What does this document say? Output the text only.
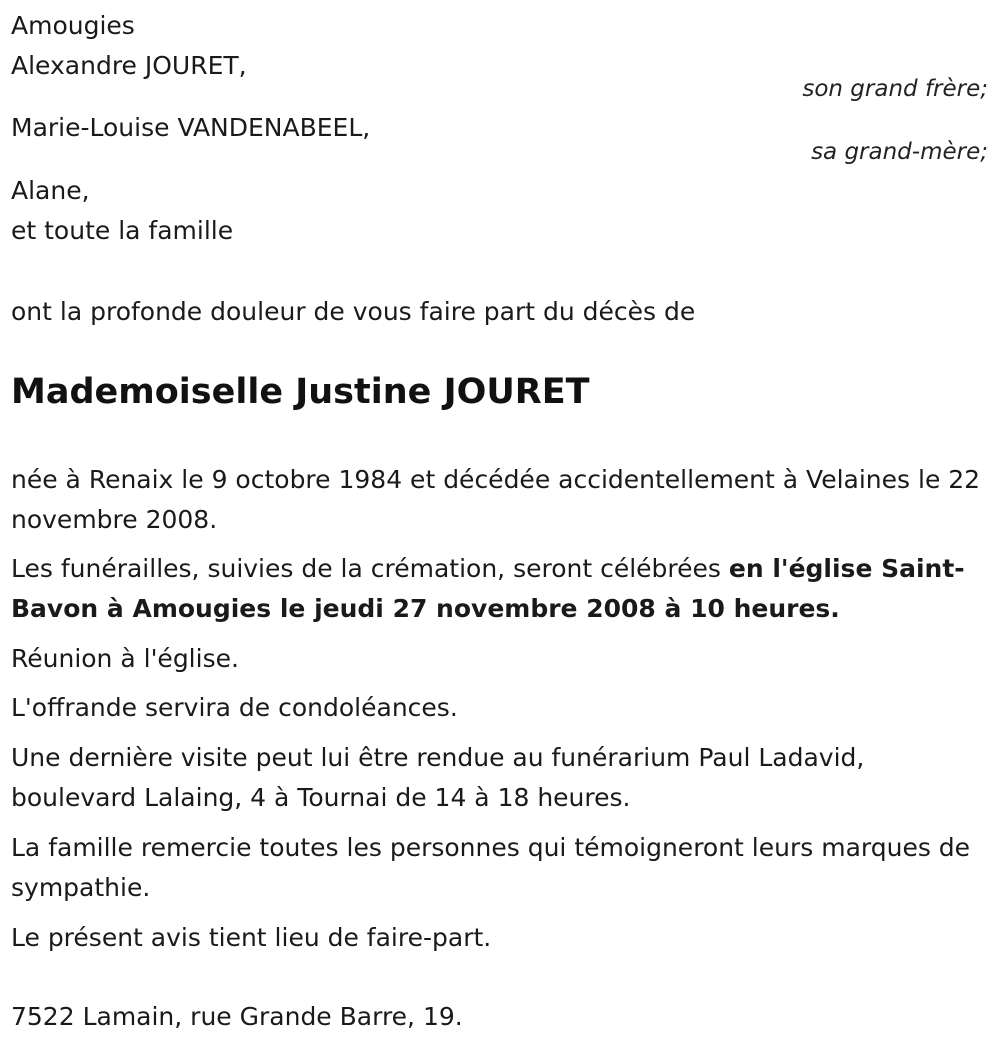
Amougies
Alexandre JOURET,
son grand frère;
Marie-Louise VANDENABEEL,
sa grand-mère;
Alane,
et toute la famille
ont la profonde douleur de vous faire part du décès de
Mademoiselle Justine JOURET
née à Renaix le 9 octobre 1984 et décédée accidentellement à Velaines le 22 novembre 2008.
Les funérailles, suivies de la crémation, seront célébrées en l'église Saint-Bavon à Amougies le jeudi 27 novembre 2008 à 10 heures.
Réunion à l'église.
L'offrande servira de condoléances.
Une dernière visite peut lui être rendue au funérarium Paul Ladavid, boulevard Lalaing, 4 à Tournai de 14 à 18 heures.
La famille remercie toutes les personnes qui témoigneront leurs marques de sympathie.
Le présent avis tient lieu de faire-part.
7522 Lamain, rue Grande Barre, 19.
